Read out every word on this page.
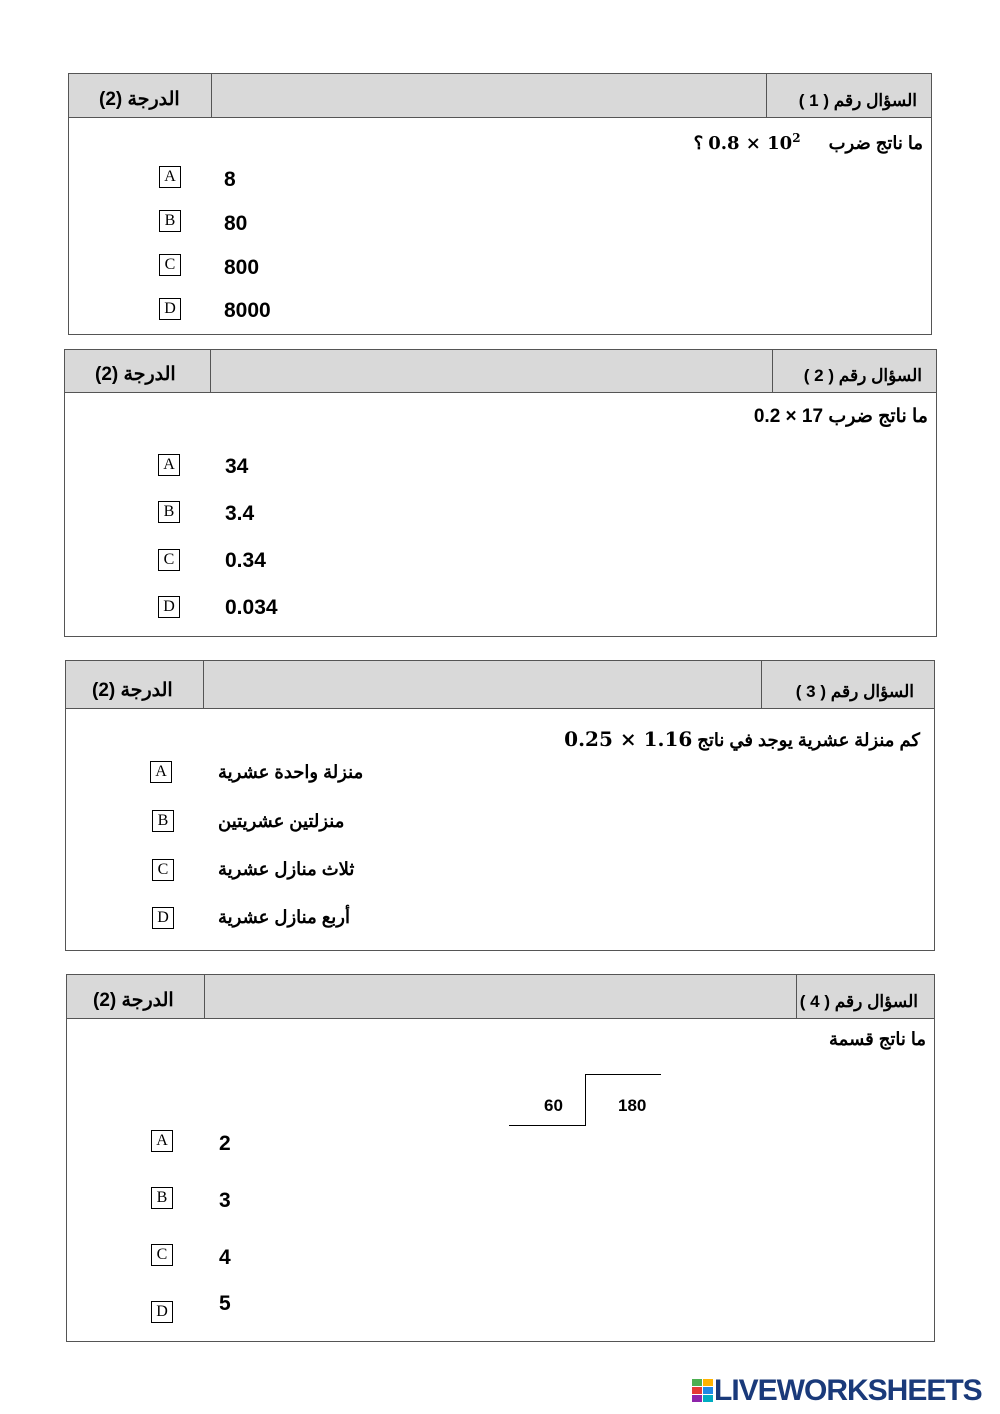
الدرجة (2)	السؤال رقم ( 1 )
ما ناتج ضرب  $0.8 \times 10^2$ ؟
A 8
B 80
C 800
D 8000
الدرجة (2)	السؤال رقم ( 2 )
ما ناتج ضرب 0.2 × 17
A 34
B 3.4
C 0.34
D 0.034
الدرجة (2)	السؤال رقم ( 3 )
كم منزلة عشرية يوجد في ناتج 0.25 × 1.16
A	منزلة واحدة عشرية
B	منزلتين عشريتين
C	ثلاث منازل عشرية
D	أربع منازل عشرية
الدرجة (2)	السؤال رقم ( 4 )
ما ناتج قسمة
60	180
A 2
B 3
C 4
D 5
LIVEWORKSHEETS
